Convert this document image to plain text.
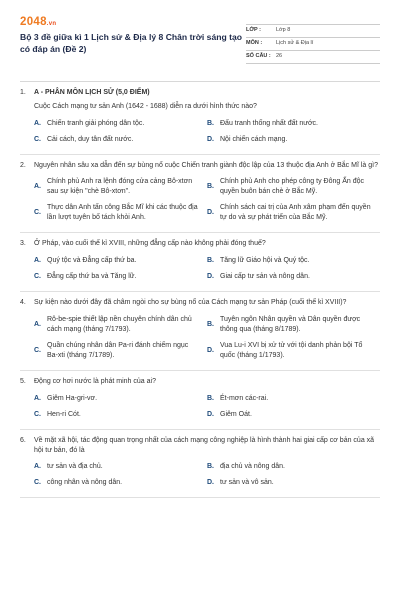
2048.vn
Bộ 3 đề giữa kì 1 Lịch sử & Địa lý 8 Chân trời sáng tạo có đáp án (Đề 2)
LỚP :	Lớp 8
MÔN :	Lịch sử & Địa lí
SỐ CÂU : 26
1.	A - PHÂN MÔN LỊCH SỬ (5,0 ĐIỂM)
Cuộc Cách mạng tư sản Anh (1642 - 1688) diễn ra dưới hình thức nào?
A. Chiến tranh giải phóng dân tộc.	B. Đấu tranh thống nhất đất nước.
C. Cải cách, duy tân đất nước.	D. Nội chiến cách mạng.
2.	Nguyên nhân sâu xa dẫn đến sự bùng nổ cuộc Chiến tranh giành độc lập của 13 thuộc địa Anh ở Bắc Mĩ là gì?
A.
Chính phủ Anh ra lệnh đóng cửa cảng Bô-xtơn sau sự kiện "chè Bô-xtơn".
B.
Chính phủ Anh cho phép công ty Đông Ấn độc quyền buôn bán chè ở Bắc Mỹ.
C.
Thực dân Anh tấn công Bắc Mĩ khi các thuộc địa lần lượt tuyên bố tách khỏi Anh.
D.
Chính sách cai trị của Anh xâm phạm đến quyền tự do và sự phát triển của Bắc Mỹ.
3.	Ở Pháp, vào cuối thế kỉ XVIII, những đẳng cấp nào không phải đóng thuế?
A. Quý tộc và Đẳng cấp thứ ba.	B. Tăng lữ Giáo hội và Quý tộc.
C. Đẳng cấp thứ ba và Tăng lữ.	D. Giai cấp tư sản và nông dân.
4.	Sự kiện nào dưới đây đã châm ngòi cho sự bùng nổ của Cách mạng tư sản Pháp (cuối thế kỉ XVIII)?
A.
Rô-be-spie thiết lập nền chuyên chính dân chủ cách mạng (tháng 7/1793).
B.
Tuyên ngôn Nhân quyền và Dân quyền được thông qua (tháng 8/1789).
C.
Quần chúng nhân dân Pa-ri đánh chiếm ngục Ba-xti (tháng 7/1789).
D.
Vua Lu-i XVI bị xử tử với tội danh phản bội Tổ quốc (tháng 1/1793).
5.	Động cơ hơi nước là phát minh của ai?
A. Giêm Ha-gri-vơ.	B. Ét-mơn các-rai.
C. Hen-ri Cót.	D. Giêm Oát.
6.	Về mặt xã hội, tác động quan trọng nhất của cách mạng công nghiệp là hình thành hai giai cấp cơ bản của xã hội tư bản, đó là
A. tư sản và địa chủ.	B. địa chủ và nông dân.
C. công nhân và nông dân.	D. tư sản và vô sản.
